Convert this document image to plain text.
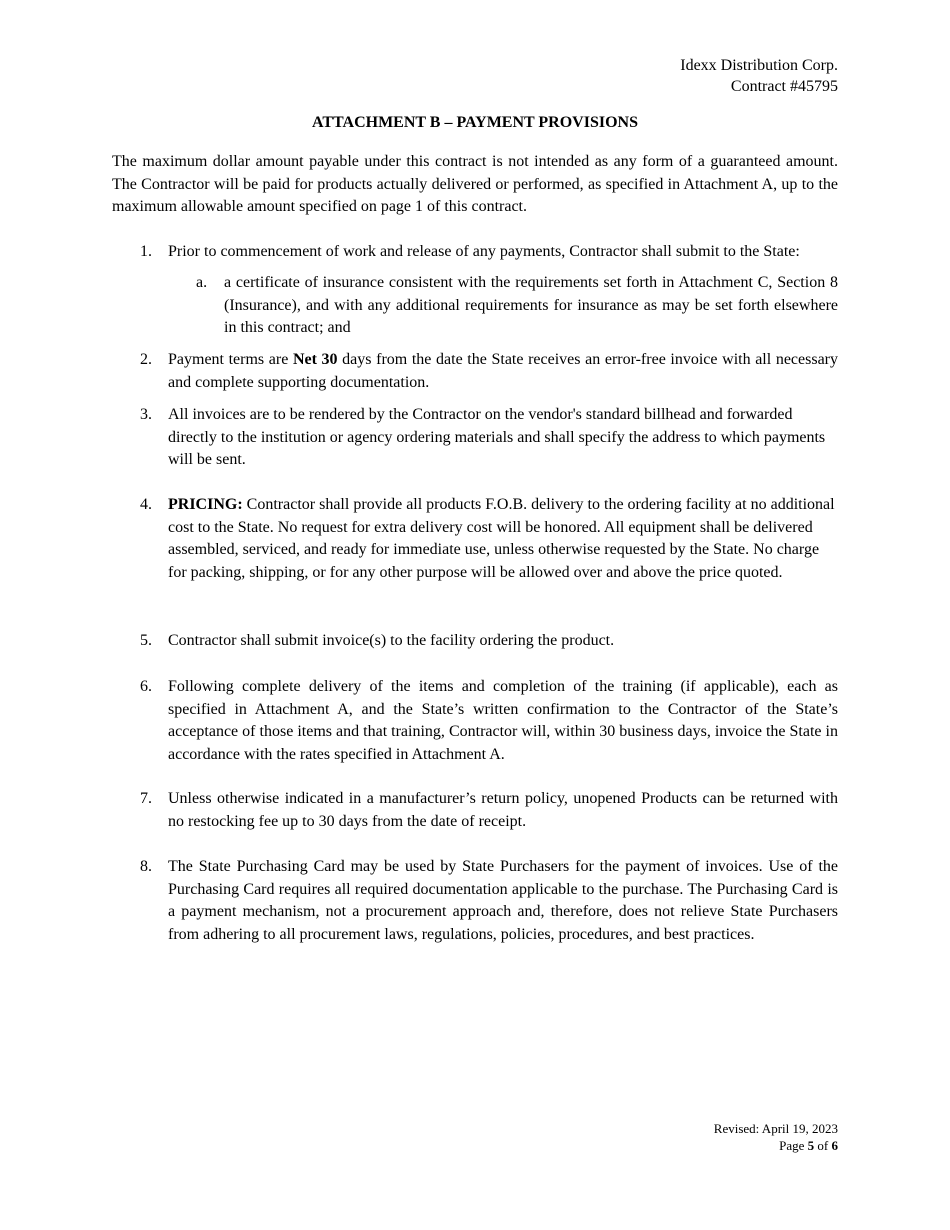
Idexx Distribution Corp.
Contract #45795
ATTACHMENT B – PAYMENT PROVISIONS
The maximum dollar amount payable under this contract is not intended as any form of a guaranteed amount. The Contractor will be paid for products actually delivered or performed, as specified in Attachment A, up to the maximum allowable amount specified on page 1 of this contract.
1. Prior to commencement of work and release of any payments, Contractor shall submit to the State:
a. a certificate of insurance consistent with the requirements set forth in Attachment C, Section 8 (Insurance), and with any additional requirements for insurance as may be set forth elsewhere in this contract; and
2. Payment terms are Net 30 days from the date the State receives an error-free invoice with all necessary and complete supporting documentation.
3. All invoices are to be rendered by the Contractor on the vendor's standard billhead and forwarded directly to the institution or agency ordering materials and shall specify the address to which payments will be sent.
4. PRICING: Contractor shall provide all products F.O.B. delivery to the ordering facility at no additional cost to the State. No request for extra delivery cost will be honored. All equipment shall be delivered assembled, serviced, and ready for immediate use, unless otherwise requested by the State. No charge for packing, shipping, or for any other purpose will be allowed over and above the price quoted.
5. Contractor shall submit invoice(s) to the facility ordering the product.
6. Following complete delivery of the items and completion of the training (if applicable), each as specified in Attachment A, and the State’s written confirmation to the Contractor of the State’s acceptance of those items and that training, Contractor will, within 30 business days, invoice the State in accordance with the rates specified in Attachment A.
7. Unless otherwise indicated in a manufacturer’s return policy, unopened Products can be returned with no restocking fee up to 30 days from the date of receipt.
8. The State Purchasing Card may be used by State Purchasers for the payment of invoices. Use of the Purchasing Card requires all required documentation applicable to the purchase. The Purchasing Card is a payment mechanism, not a procurement approach and, therefore, does not relieve State Purchasers from adhering to all procurement laws, regulations, policies, procedures, and best practices.
Revised: April 19, 2023
Page 5 of 6
